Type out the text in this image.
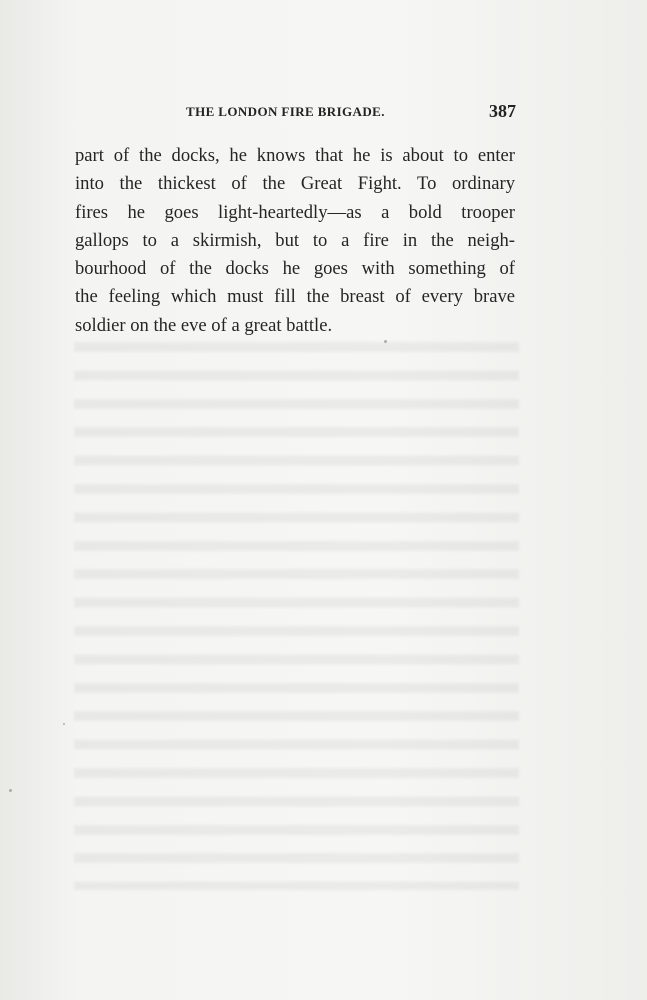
THE LONDON FIRE BRIGADE.	387
part of the docks, he knows that he is about to enter
into the thickest of the Great Fight. To ordinary
fires he goes light-heartedly—as a bold trooper
gallops to a skirmish, but to a fire in the neigh-
bourhood of the docks he goes with something of
the feeling which must fill the breast of every brave
soldier on the eve of a great battle.
